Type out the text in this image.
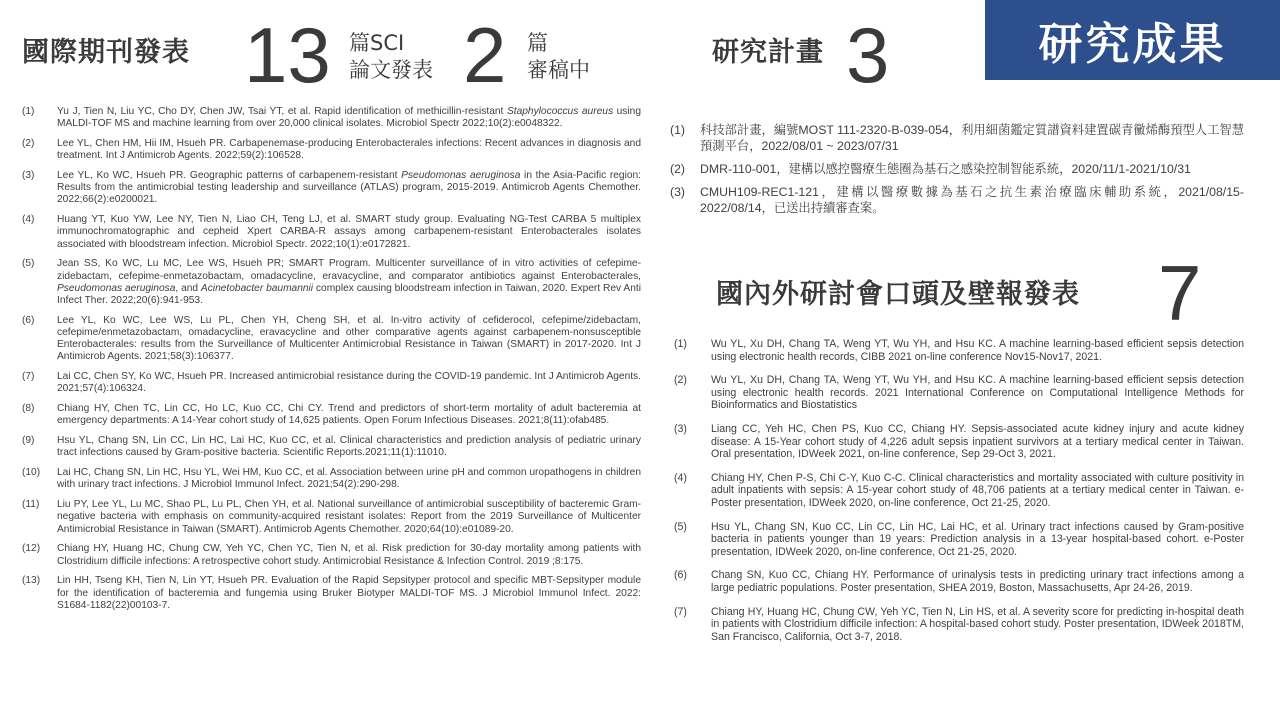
研究成果
國際期刊發表 13 篇SCI
論文發表 2 篇
審稿中
(1) Yu J, Tien N, Liu YC, Cho DY, Chen JW, Tsai YT, et al. Rapid identification of methicillin-resistant Staphylococcus aureus using MALDI-TOF MS and machine learning from over 20,000 clinical isolates. Microbiol Spectr 2022;10(2):e0048322.
(2) Lee YL, Chen HM, Hii IM, Hsueh PR. Carbapenemase-producing Enterobacterales infections: Recent advances in diagnosis and treatment. Int J Antimicrob Agents. 2022;59(2):106528.
(3) Lee YL, Ko WC, Hsueh PR. Geographic patterns of carbapenem-resistant Pseudomonas aeruginosa in the Asia-Pacific region: Results from the antimicrobial testing leadership and surveillance (ATLAS) program, 2015-2019. Antimicrob Agents Chemother. 2022;66(2):e0200021.
(4) Huang YT, Kuo YW, Lee NY, Tien N, Liao CH, Teng LJ, et al. SMART study group. Evaluating NG-Test CARBA 5 multiplex immunochromatographic and cepheid Xpert CARBA-R assays among carbapenem-resistant Enterobacterales isolates associated with bloodstream infection. Microbiol Spectr. 2022;10(1):e0172821.
(5) Jean SS, Ko WC, Lu MC, Lee WS, Hsueh PR; SMART Program. Multicenter surveillance of in vitro activities of cefepime-zidebactam, cefepime-enmetazobactam, omadacycline, eravacycline, and comparator antibiotics against Enterobacterales, Pseudomonas aeruginosa, and Acinetobacter baumannii complex causing bloodstream infection in Taiwan, 2020. Expert Rev Anti Infect Ther. 2022;20(6):941-953.
(6) Lee YL, Ko WC, Lee WS, Lu PL, Chen YH, Cheng SH, et al. In-vitro activity of cefiderocol, cefepime/zidebactam, cefepime/enmetazobactam, omadacycline, eravacycline and other comparative agents against carbapenem-nonsusceptible Enterobacterales: results from the Surveillance of Multicenter Antimicrobial Resistance in Taiwan (SMART) in 2017-2020. Int J Antimicrob Agents. 2021;58(3):106377.
(7) Lai CC, Chen SY, Ko WC, Hsueh PR. Increased antimicrobial resistance during the COVID-19 pandemic. Int J Antimicrob Agents. 2021;57(4):106324.
(8) Chiang HY, Chen TC, Lin CC, Ho LC, Kuo CC, Chi CY. Trend and predictors of short-term mortality of adult bacteremia at emergency departments: A 14-Year cohort study of 14,625 patients. Open Forum Infectious Diseases. 2021;8(11):ofab485.
(9) Hsu YL, Chang SN, Lin CC, Lin HC, Lai HC, Kuo CC, et al. Clinical characteristics and prediction analysis of pediatric urinary tract infections caused by Gram-positive bacteria. Scientific Reports.2021;11(1):11010.
(10) Lai HC, Chang SN, Lin HC, Hsu YL, Wei HM, Kuo CC, et al. Association between urine pH and common uropathogens in children with urinary tract infections. J Microbiol Immunol Infect. 2021;54(2):290-298.
(11) Liu PY, Lee YL, Lu MC, Shao PL, Lu PL, Chen YH, et al. National surveillance of antimicrobial susceptibility of bacteremic Gram-negative bacteria with emphasis on community-acquired resistant isolates: Report from the 2019 Surveillance of Multicenter Antimicrobial Resistance in Taiwan (SMART). Antimicrob Agents Chemother. 2020;64(10):e01089-20.
(12) Chiang HY, Huang HC, Chung CW, Yeh YC, Chen YC, Tien N, et al. Risk prediction for 30-day mortality among patients with Clostridium difficile infections: A retrospective cohort study. Antimicrobial Resistance & Infection Control. 2019 ;8:175.
(13) Lin HH, Tseng KH, Tien N, Lin YT, Hsueh PR. Evaluation of the Rapid Sepsityper protocol and specific MBT-Sepsityper module for the identification of bacteremia and fungemia using Bruker Biotyper MALDI-TOF MS. J Microbiol Immunol Infect. 2022: S1684-1182(22)00103-7.
研究計畫 3
(1) 科技部計畫，編號MOST 111-2320-B-039-054，利用細菌鑑定質譜資料建置碳青黴烯酶預型人工智慧預測平台，2022/08/01 ~ 2023/07/31
(2) DMR-110-001，建構以感控醫療生態圈為基石之感染控制智能系統，2020/11/1-2021/10/31
(3) CMUH109-REC1-121，建構以醫療數據為基石之抗生素治療臨床輔助系統，2021/08/15-2022/08/14，已送出持續審查案。
國內外研討會口頭及壁報發表 7
(1) Wu YL, Xu DH, Chang TA, Weng YT, Wu YH, and Hsu KC. A machine learning-based efficient sepsis detection using electronic health records, CIBB 2021 on-line conference Nov15-Nov17, 2021.
(2) Wu YL, Xu DH, Chang TA, Weng YT, Wu YH, and Hsu KC. A machine learning-based efficient sepsis detection using electronic health records. 2021 International Conference on Computational Intelligence Methods for Bioinformatics and Biostatistics
(3) Liang CC, Yeh HC, Chen PS, Kuo CC, Chiang HY. Sepsis-associated acute kidney injury and acute kidney disease: A 15-Year cohort study of 4,226 adult sepsis inpatient survivors at a tertiary medical center in Taiwan. Oral presentation, IDWeek 2021, on-line conference, Sep 29-Oct 3, 2021.
(4) Chiang HY, Chen P-S, Chi C-Y, Kuo C-C. Clinical characteristics and mortality associated with culture positivity in adult inpatients with sepsis: A 15-year cohort study of 48,706 patients at a tertiary medical center in Taiwan. e-Poster presentation, IDWeek 2020, on-line conference, Oct 21-25, 2020.
(5) Hsu YL, Chang SN, Kuo CC, Lin CC, Lin HC, Lai HC, et al. Urinary tract infections caused by Gram-positive bacteria in patients younger than 19 years: Prediction analysis in a 13-year hospital-based cohort. e-Poster presentation, IDWeek 2020, on-line conference, Oct 21-25, 2020.
(6) Chang SN, Kuo CC, Chiang HY. Performance of urinalysis tests in predicting urinary tract infections among a large pediatric populations. Poster presentation, SHEA 2019, Boston, Massachusetts, Apr 24-26, 2019.
(7) Chiang HY, Huang HC, Chung CW, Yeh YC, Tien N, Lin HS, et al. A severity score for predicting in-hospital death in patients with Clostridium difficile infection: A hospital-based cohort study. Poster presentation, IDWeek 2018TM, San Francisco, California, Oct 3-7, 2018.
